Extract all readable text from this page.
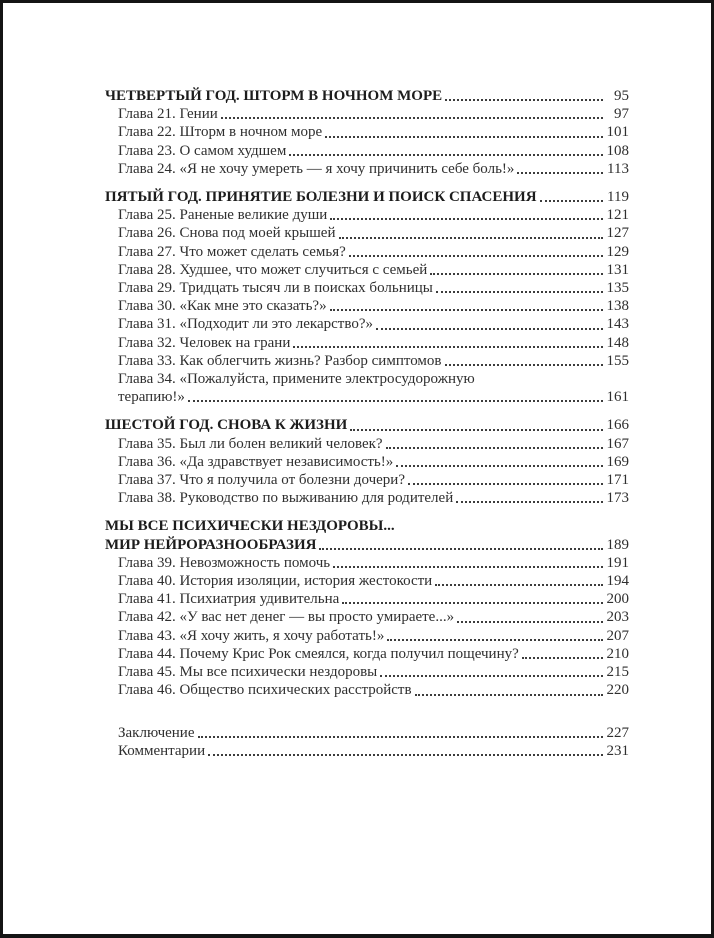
ЧЕТВЕРТЫЙ ГОД. ШТОРМ В НОЧНОМ МОРЕ	95
Глава 21. Гении	97
Глава 22. Шторм в ночном море	101
Глава 23. О самом худшем	108
Глава 24. «Я не хочу умереть — я хочу причинить себе боль!»	113
ПЯТЫЙ ГОД. ПРИНЯТИЕ БОЛЕЗНИ И ПОИСК СПАСЕНИЯ	119
Глава 25. Раненые великие души	121
Глава 26. Снова под моей крышей	127
Глава 27. Что может сделать семья?	129
Глава 28. Худшее, что может случиться с семьей	131
Глава 29. Тридцать тысяч ли в поисках больницы	135
Глава 30. «Как мне это сказать?»	138
Глава 31. «Подходит ли это лекарство?»	143
Глава 32. Человек на грани	148
Глава 33. Как облегчить жизнь? Разбор симптомов	155
Глава 34. «Пожалуйста, примените электросудорожную
терапию!»	161
ШЕСТОЙ ГОД. СНОВА К ЖИЗНИ	166
Глава 35. Был ли болен великий человек?	167
Глава 36. «Да здравствует независимость!»	169
Глава 37. Что я получила от болезни дочери?	171
Глава 38. Руководство по выживанию для родителей	173
МЫ ВСЕ ПСИХИЧЕСКИ НЕЗДОРОВЫ...
МИР НЕЙРОРАЗНООБРАЗИЯ	189
Глава 39. Невозможность помочь	191
Глава 40. История изоляции, история жестокости	194
Глава 41. Психиатрия удивительна	200
Глава 42. «У вас нет денег — вы просто умираете...»	203
Глава 43. «Я хочу жить, я хочу работать!»	207
Глава 44. Почему Крис Рок смеялся, когда получил пощечину?	210
Глава 45. Мы все психически нездоровы	215
Глава 46. Общество психических расстройств	220
Заключение	227
Комментарии	231
